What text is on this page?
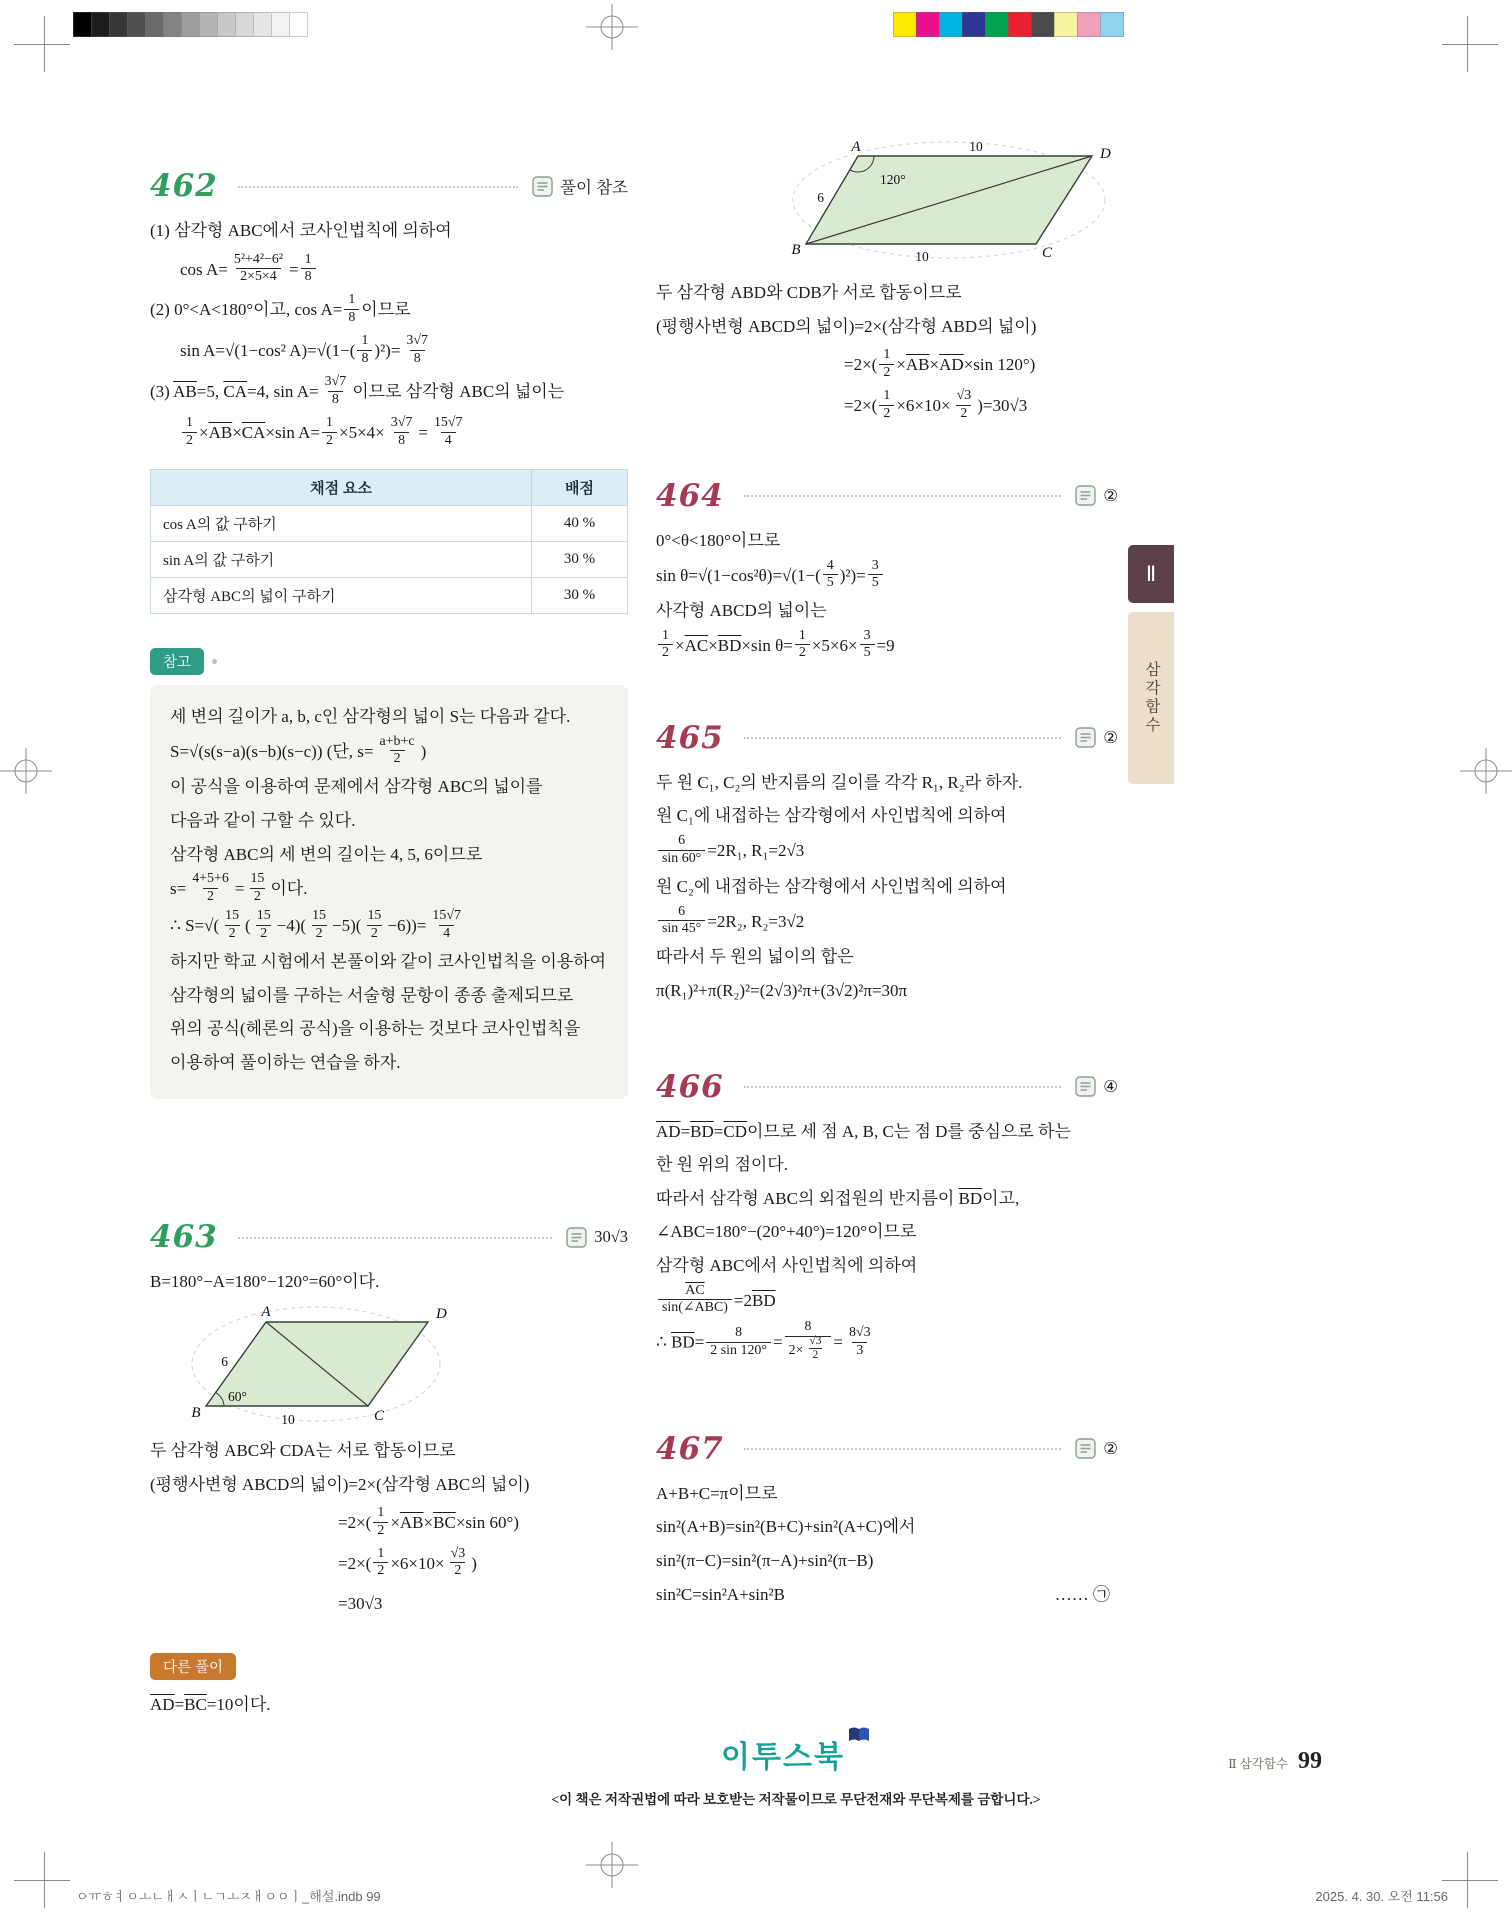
462	풀이 참조
(1) 삼각형 ABC에서 코사인법칙에 의하여
$\cos A= \frac{\text{5²+4²−6²}}{2\times 5\times 4} = \frac{1}{8}$
(2) 0°<A<180°이고, $\cos A= \frac{1}{8}$ 이므로
sin A=√(1−cos² $A)=√(1-( \frac{1}{8} )^2)= \frac{3√7}{8}$
(3) $\overline{AB}=5$, $\overline{CA}=4$, $\sin A= \frac{3√7}{8}$ 이므로 삼각형 ABC의 넓이는
$\frac{1}{2} \times\overline{AB}\times\overline{CA}\times\sin$ $A= \frac{1}{2} \times 5\times 4\times \frac{3√7}{8} = \frac{15√7}{4}$
채점 요소	배점
cos A의 값 구하기	40 %
sin A의 값 구하기	30 %
삼각형 ABC의 넓이 구하기	30 %
참고
세 변의 길이가 a, b, c인 삼각형의 넓이 S는 다음과 같다.
S=√(s(s−a)(s−b)(s−c)) (단, $s= \frac{a+b+c}{2}$ )
이 공식을 이용하여 문제에서 삼각형 ABC의 넓이를
다음과 같이 구할 수 있다.
삼각형 ABC의 세 변의 길이는 4, 5, 6이므로
$s= \frac{4+5+6}{2} = \frac{15}{2}$ 이다.
∴ $S=√( \frac{15}{2}$ ( $\frac{15}{2} -4)( \frac{15}{2} -5)( \frac{15}{2} -6))= \frac{15√7}{4}$
하지만 학교 시험에서 본풀이와 같이 코사인법칙을 이용하여
삼각형의 넓이를 구하는 서술형 문항이 종종 출제되므로
위의 공식(헤론의 공식)을 이용하는 것보다 코사인법칙을
이용하여 풀이하는 연습을 하자.
463	30√3
B=180°−A=180°−120°=60°이다.
A	D
B	C
6
60°
10
두 삼각형 ABC와 CDA는 서로 합동이므로
(평행사변형 ABCD의 넓이)=2×(삼각형 ABC의 넓이)
$=2\times( \frac{1}{2} \times\overline{AB}\times\overline{BC}\times\sin$ 60°)
$=2\times( \frac{1}{2} \times 6\times 10\times \frac{√3}{2}$ )
=30√3
다른 풀이
$\overline{AD}=\overline{BC}=10$이다.
A	10	D
6
120°
B	10	C
두 삼각형 ABD와 CDB가 서로 합동이므로
(평행사변형 ABCD의 넓이)=2×(삼각형 ABD의 넓이)
$=2\times( \frac{1}{2} \times\overline{AB}\times\overline{AD}\times\sin$ 120°)
$=2\times( \frac{1}{2} \times 6\times 10\times \frac{√3}{2} )=30√3$
464	②
0°<θ<180°이므로
$\sin \theta=√(1-\cos^2\theta)=√(1-( \frac{4}{5} )^2)= \frac{3}{5}$
사각형 ABCD의 넓이는
$\frac{1}{2} \times\overline{AC}\times\overline{BD}\times\sin$ $\theta= \frac{1}{2} \times 5\times 6\times \frac{3}{5} =9$
465	②
두 원 C₁, C₂의 반지름의 길이를 각각 R₁, R₂라 하자.
원 C₁에 내접하는 삼각형에서 사인법칙에 의하여
$\frac{6}{\sin 60^\circ} =2R_1$, R₁=2√3
원 C₂에 내접하는 삼각형에서 사인법칙에 의하여
$\frac{6}{\sin 45^\circ} =2R_2$, R₂=3√2
따라서 두 원의 넓이의 합은
π(R₁)²+π(R₂)²=(2√3)²π+(3√2)²π=30π
466	④
$\overline{AD}=\overline{BD}=\overline{CD}$이므로 세 점 A, B, C는 점 D를 중심으로 하는
한 원 위의 점이다.
따라서 삼각형 ABC의 외접원의 반지름이 $\overline{BD}$이고,
∠ABC=180°−(20°+40°)=120°이므로
삼각형 ABC에서 사인법칙에 의하여
$\overline{AC}$
sin(∠ABC) $=2\overline{BD}$
∴ $\overline{BD}= \frac{8}{2 \sin 120^\circ} = \frac{8}{2\times \frac{√3}{2}} = \frac{8√3}{3}$
467	②
A+B+C=π이므로
sin²(A+B)=sin²(B+C)+sin²(A+C)에서
sin²(π−C)=sin²(π−A)+sin²(π−B)
sin²C=sin²A+sin²B	…… ㉠
Ⅱ
삼각함수
이투스북
<이 책은 저작권법에 따라 보호받는 저작물이므로 무단전재와 무단복제를 금합니다.>
Ⅱ 삼각함수 99
ㅇㅠㅎㅕㅇㅗㄴㅐㅅㅣㄴㄱㅗㅈㅐㅇㅇㅣ_해설.indb 99	2025. 4. 30. 오전 11:56
